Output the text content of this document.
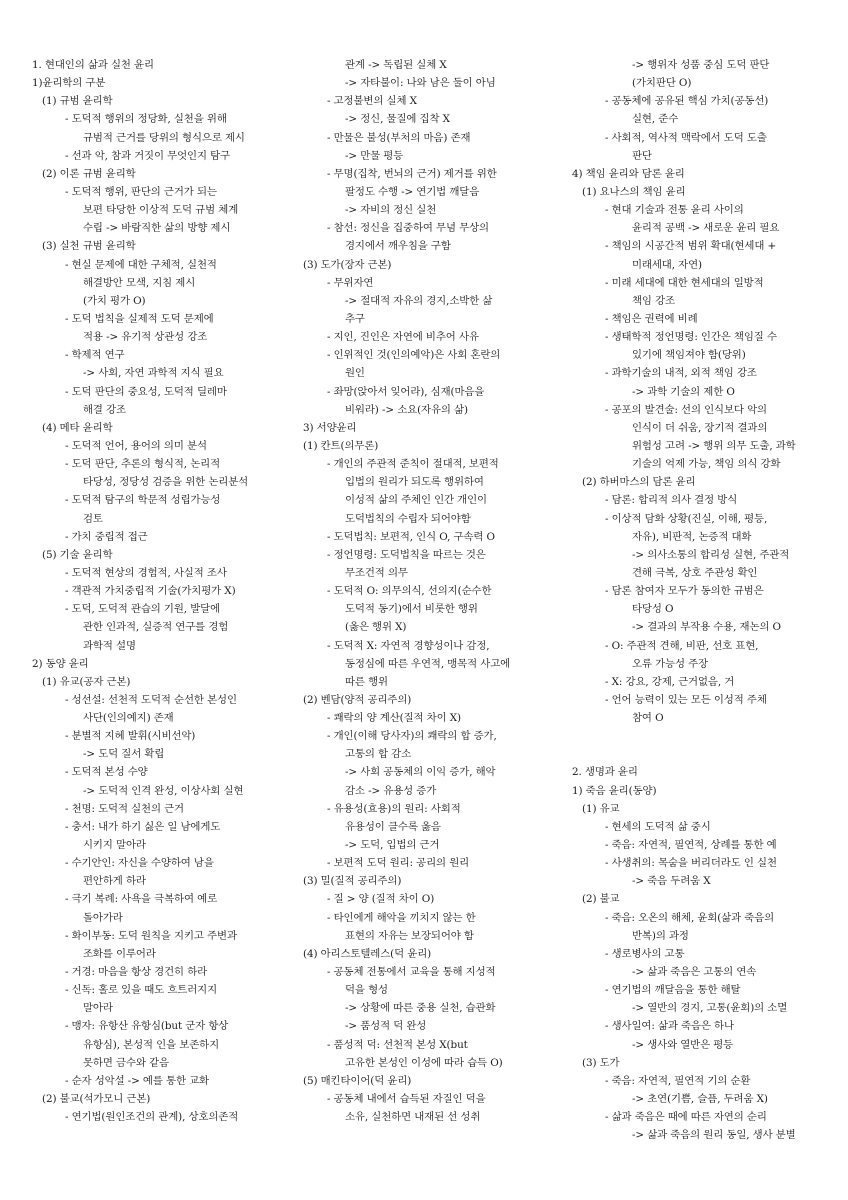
1. 현대인의 삶과 실천 윤리
1)윤리학의 구분
(1) 규범 윤리학
- 도덕적 행위의 정당화, 실천을 위해
규범적 근거를 당위의 형식으로 제시
- 선과 악, 참과 거짓이 무엇인지 탐구
(2) 이론 규범 윤리학
- 도덕적 행위, 판단의 근거가 되는
보편 타당한 이상적 도덕 규범 체계
수립 -> 바람직한 삶의 방향 제시
(3) 실천 규범 윤리학
- 현실 문제에 대한 구체적, 실천적
해결방안 모색, 지침 제시
(가치 평가 O)
- 도덕 법칙을 실제적 도덕 문제에
적용 -> 유기적 상관성 강조
- 학제적 연구
-> 사회, 자연 과학적 지식 필요
- 도덕 판단의 중요성, 도덕적 딜레마
해결 강조
(4) 메타 윤리학
- 도덕적 언어, 용어의 의미 분석
- 도덕 판단, 추론의 형식적, 논리적
타당성, 정당성 검증을 위한 논리분석
- 도덕적 탐구의 학문적 성립가능성
검토
- 가치 중립적 접근
(5) 기술 윤리학
- 도덕적 현상의 경험적, 사실적 조사
- 객관적 가치중립적 기술(가치평가 X)
- 도덕, 도덕적 관습의 기원, 발달에
관한 인과적, 실증적 연구를 경험
과학적 설명
2) 동양 윤리
(1) 유교(공자 근본)
- 성선설: 선천적 도덕적 순선한 본성인
사단(인의예지) 존재
- 분별적 지혜 발휘(시비선악)
-> 도덕 질서 확립
- 도덕적 본성 수양
-> 도덕적 인격 완성, 이상사회 실현
- 천명: 도덕적 실천의 근거
- 충서: 내가 하기 싫은 일 남에게도
시키지 말아라
- 수기안인: 자신을 수양하여 남을
편안하게 하라
- 극기 복례: 사욕을 극복하여 예로
돌아가라
- 화이부동: 도덕 원칙을 지키고 주변과
조화를 이루어라
- 거경: 마음을 항상 경건히 하라
- 신독: 홀로 있을 때도 흐트러지지
말아라
- 맹자: 유항산 유항심(but 군자 항상
유항심), 본성적 인을 보존하지
못하면 금수와 같음
- 순자 성악설 -> 예를 통한 교화
(2) 불교(석가모니 근본)
- 연기법(원인조건의 관계), 상호의존적
관계 -> 독립된 실체 X
-> 자타불이: 나와 남은 둘이 아님
- 고정불변의 실체 X
-> 정신, 물질에 집착 X
- 만물은 불성(부처의 마음) 존재
-> 만물 평등
- 무명(집착, 번뇌의 근거) 제거를 위한
팔정도 수행 -> 연기법 깨달음
-> 자비의 정신 실천
- 참선: 정신을 집중하여 무념 무상의
경지에서 깨우침을 구함
(3) 도가(장자 근본)
- 무위자연
-> 절대적 자유의 경지,소박한 삶
추구
- 지인, 진인은 자연에 비추어 사유
- 인위적인 것(인의예악)은 사회 혼란의
원인
- 좌망(앉아서 잊어라), 심재(마음을
비워라) -> 소요(자유의 삶)
3) 서양윤리
(1) 칸트(의무론)
- 개인의 주관적 준칙이 절대적, 보편적
입법의 원리가 되도록 행위하여
이성적 삶의 주체인 인간 개인이
도덕법칙의 수립자 되어야함
- 도덕법칙: 보편적, 인식 O, 구속력 O
- 정언명령: 도덕법칙을 따르는 것은
무조건적 의무
- 도덕적 O: 의무의식, 선의지(순수한
도덕적 동기)에서 비롯한 행위
(옳은 행위 X)
- 도덕적 X: 자연적 경향성이나 감정,
동정심에 따른 우연적, 맹목적 사고에
따른 행위
(2) 벤담(양적 공리주의)
- 쾌락의 양 계산(질적 차이 X)
- 개인(이해 당사자)의 쾌락의 합 증가,
고통의 합 감소
-> 사회 공동체의 이익 증가, 해악
감소 -> 유용성 증가
- 유용성(효용)의 원리: 사회적
유용성이 클수록 옳음
-> 도덕, 입법의 근거
- 보편적 도덕 원리: 공리의 원리
(3) 밀(질적 공리주의)
- 질 > 양 (질적 차이 O)
- 타인에게 해악을 끼치지 않는 한
표현의 자유는 보장되어야 함
(4) 아리스토텔레스(덕 윤리)
- 공동체 전통에서 교육을 통해 지성적
덕을 형성
-> 상황에 따른 중용 실천, 습관화
-> 품성적 덕 완성
- 품성적 덕: 선천적 본성 X(but
고유한 본성인 이성에 따라 습득 O)
(5) 매킨타이어(덕 윤리)
- 공동체 내에서 습득된 자질인 덕을
소유, 실천하면 내재된 선 성취
-> 행위자 성품 중심 도덕 판단
(가치판단 O)
- 공동체에 공유된 핵심 가치(공동선)
실현, 준수
- 사회적, 역사적 맥락에서 도덕 도출
판단
4) 책임 윤리와 담론 윤리
(1) 요나스의 책임 윤리
- 현대 기술과 전통 윤리 사이의
윤리적 공백 -> 새로운 윤리 필요
- 책임의 시공간적 범위 확대(현세대 +
미래세대, 자연)
- 미래 세대에 대한 현세대의 일방적
책임 강조
- 책임은 권력에 비례
- 생태학적 정언명령: 인간은 책임질 수
있기에 책임져야 함(당위)
- 과학기술의 내적, 외적 책임 강조
-> 과학 기술의 제한 O
- 공포의 발견술: 선의 인식보다 악의
인식이 더 쉬움, 장기적 결과의
위험성 고려 -> 행위 의무 도출, 과학
기술의 억제 가능, 책임 의식 강화
(2) 하버마스의 담론 윤리
- 담론: 합리적 의사 결정 방식
- 이상적 담화 상황(진실, 이해, 평등,
자유), 비판적, 논증적 대화
-> 의사소통의 합리성 실현, 주관적
견해 극복, 상호 주관성 확인
- 담론 참여자 모두가 동의한 규범은
타당성 O
-> 결과의 부작용 수용, 재논의 O
- O: 주관적 견해, 비판, 선호 표현,
오류 가능성 주장
- X: 강요, 강제, 근거없음, 거
- 언어 능력이 있는 모든 이성적 주체
참여 O
2. 생명과 윤리
1) 죽음 윤리(동양)
(1) 유교
- 현세의 도덕적 삶 중시
- 죽음: 자연적, 필연적, 상례를 통한 예
- 사생취의: 목숨을 버리더라도 인 실천
-> 죽음 두려움 X
(2) 불교
- 죽음: 오온의 해체, 윤회(삶과 죽음의
반복)의 과정
- 생로병사의 고통
-> 삶과 죽음은 고통의 연속
- 연기법의 깨달음을 통한 해탈
-> 열반의 경지, 고통(윤회)의 소멸
- 생사일여: 삶과 죽음은 하나
-> 생사와 열반은 평등
(3) 도가
- 죽음: 자연적, 필연적 기의 순환
-> 초연(기쁨, 슬픔, 두려움 X)
- 삶과 죽음은 때에 따른 자연의 순리
-> 삶과 죽음의 원리 동일, 생사 분별
